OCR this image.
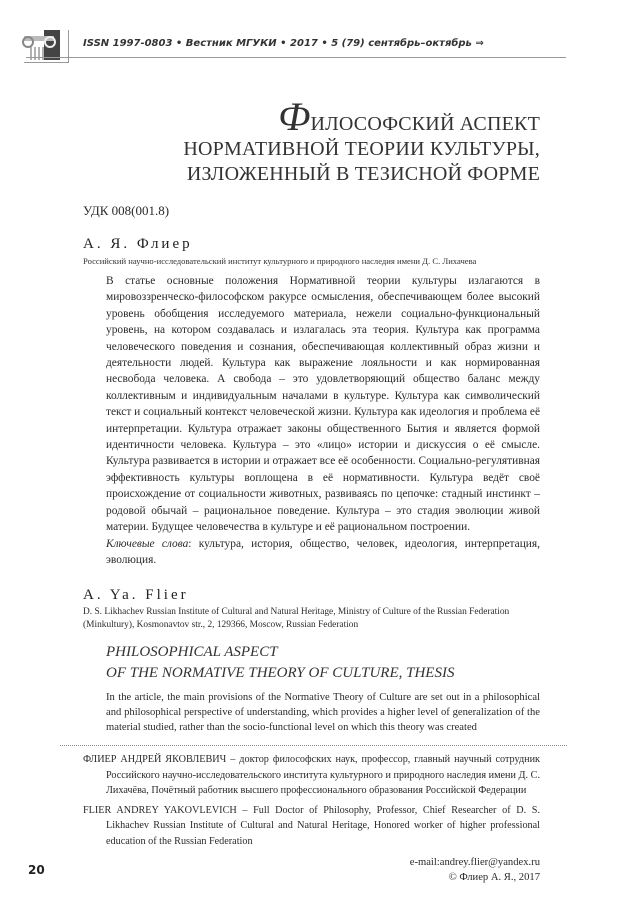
ISSN 1997-0803 • Вестник МГУКИ • 2017 • 5 (79) сентябрь–октябрь ⇒
ФИЛОСОФСКИЙ АСПЕКТ
НОРМАТИВНОЙ ТЕОРИИ КУЛЬТУРЫ,
ИЗЛОЖЕННЫЙ В ТЕЗИСНОЙ ФОРМЕ
УДК 008(001.8)
А. Я. Флиер
Российский научно-исследовательский институт культурного и природного наследия имени Д. С. Лихачева
В статье основные положения Нормативной теории культуры излагаются в мировоззренческо-философском ракурсе осмысления, обеспечивающем более высокий уровень обобщения исследуемого материала, нежели социально-функциональный уровень, на котором создавалась и излагалась эта теория. Культура как программа человеческого поведения и сознания, обеспечивающая коллективный образ жизни и деятельности людей. Культура как выражение лояльности и как нормированная несвобода человека. А свобода – это удовлетворяющий общество баланс между коллективным и индивидуальным началами в культуре. Культура как символический текст и социальный контекст человеческой жизни. Культура как идеология и проблема её интерпретации. Культура отражает законы общественного Бытия и является формой идентичности человека. Культура – это «лицо» истории и дискуссия о её смысле. Культура развивается в истории и отражает все её особенности. Социально-регулятивная эффективность культуры воплощена в её нормативности. Культура ведёт своё происхождение от социальности животных, развиваясь по цепочке: стадный инстинкт – родовой обычай – рациональное поведение. Культура – это стадия эволюции живой материи. Будущее человечества в культуре и её рациональном построении.
Ключевые слова: культура, история, общество, человек, идеология, интерпретация, эволюция.
A. Ya. Flier
D. S. Likhachev Russian Institute of Cultural and Natural Heritage, Ministry of Culture of the Russian Federation (Minkultury), Kosmonavtov str., 2, 129366, Moscow, Russian Federation
PHILOSOPHICAL ASPECT
OF THE NORMATIVE THEORY OF CULTURE, THESIS
In the article, the main provisions of the Normative Theory of Culture are set out in a philosophical and philosophical perspective of understanding, which provides a higher level of generalization of the material studied, rather than the socio-functional level on which this theory was created
ФЛИЕР АНДРЕЙ ЯКОВЛЕВИЧ – доктор философских наук, профессор, главный научный сотрудник Российского научно-исследовательского института культурного и природного наследия имени Д. С. Лихачёва, Почётный работник высшего профессионального образования Российской Федерации
FLIER ANDREY YAKOVLEVICH – Full Doctor of Philosophy, Professor, Chief Researcher of D. S. Likhachev Russian Institute of Cultural and Natural Heritage, Honored worker of higher professional education of the Russian Federation
20
e-mail:andrey.flier@yandex.ru
© Флиер А. Я., 2017
